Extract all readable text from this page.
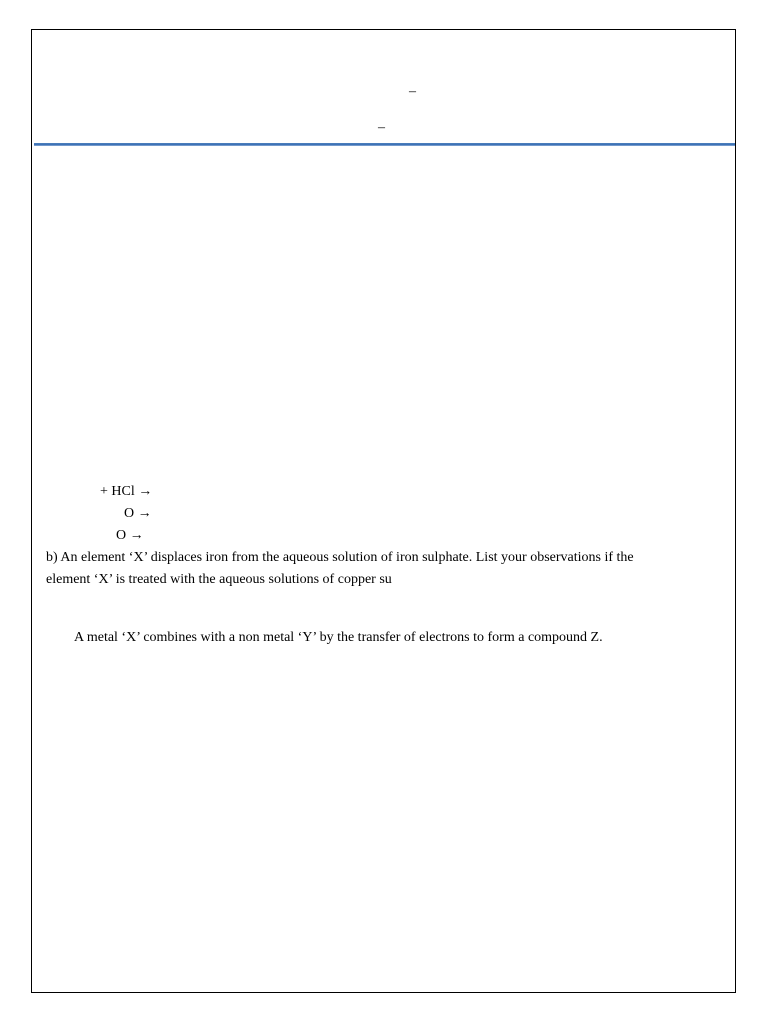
–
–
+ HCl →
O →
O →
b) An element ‘X’ displaces iron from the aqueous solution of iron sulphate. List your observations if the
element ‘X’ is treated with the aqueous solutions of copper su
A metal ‘X’ combines with a non metal ‘Y’ by the transfer of electrons to form a compound Z.
